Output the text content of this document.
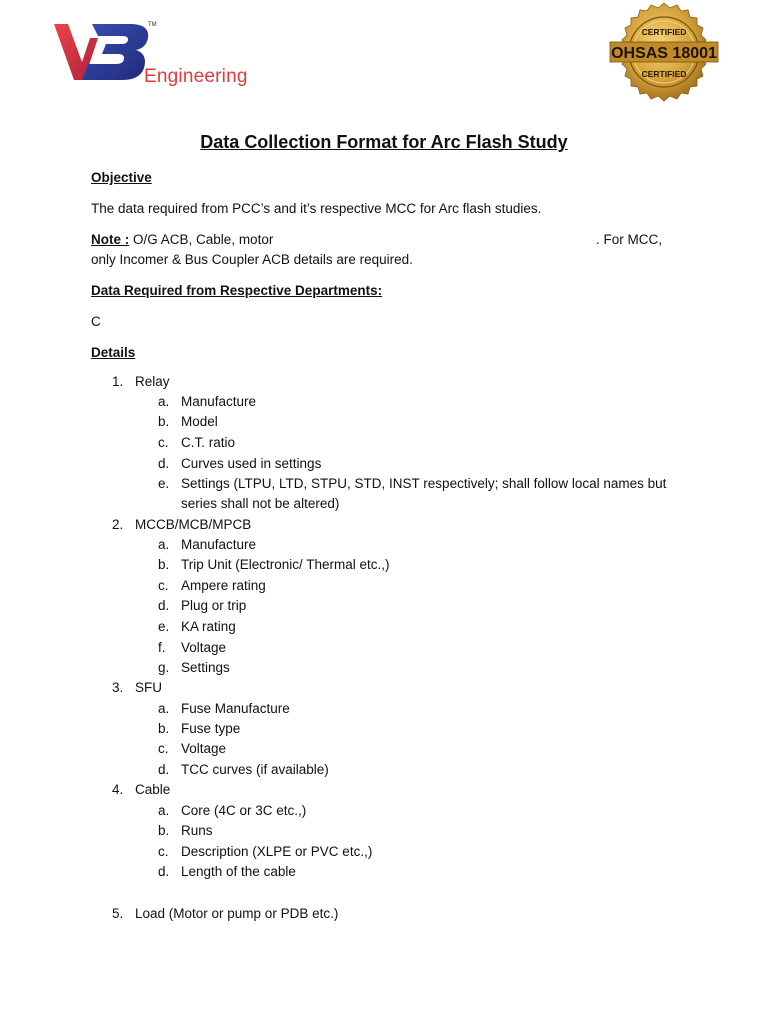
TM
Engineering
OHSAS 18001
CERTIFIED
CERTIFIED
Data Collection Format for Arc Flash Study
Objective
The data required from PCC’s and it’s respective MCC for Arc flash studies.
Note : O/G ACB, Cable, motor	. For MCC,
only Incomer & Bus Coupler ACB details are required.
Data Required from Respective Departments:
C
Details
1. Relay
a. Manufacture
b. Model
c. C.T. ratio
d. Curves used in settings
e. Settings (LTPU, LTD, STPU, STD, INST respectively; shall follow local names but
series shall not be altered)
2. MCCB/MCB/MPCB
a. Manufacture
b. Trip Unit (Electronic/ Thermal etc.,)
c. Ampere rating
d. Plug or trip
e. KA rating
f. Voltage
g. Settings
3. SFU
a. Fuse Manufacture
b. Fuse type
c. Voltage
d. TCC curves (if available)
4. Cable
a. Core (4C or 3C etc.,)
b. Runs
c. Description (XLPE or PVC etc.,)
d. Length of the cable
5. Load (Motor or pump or PDB etc.)
